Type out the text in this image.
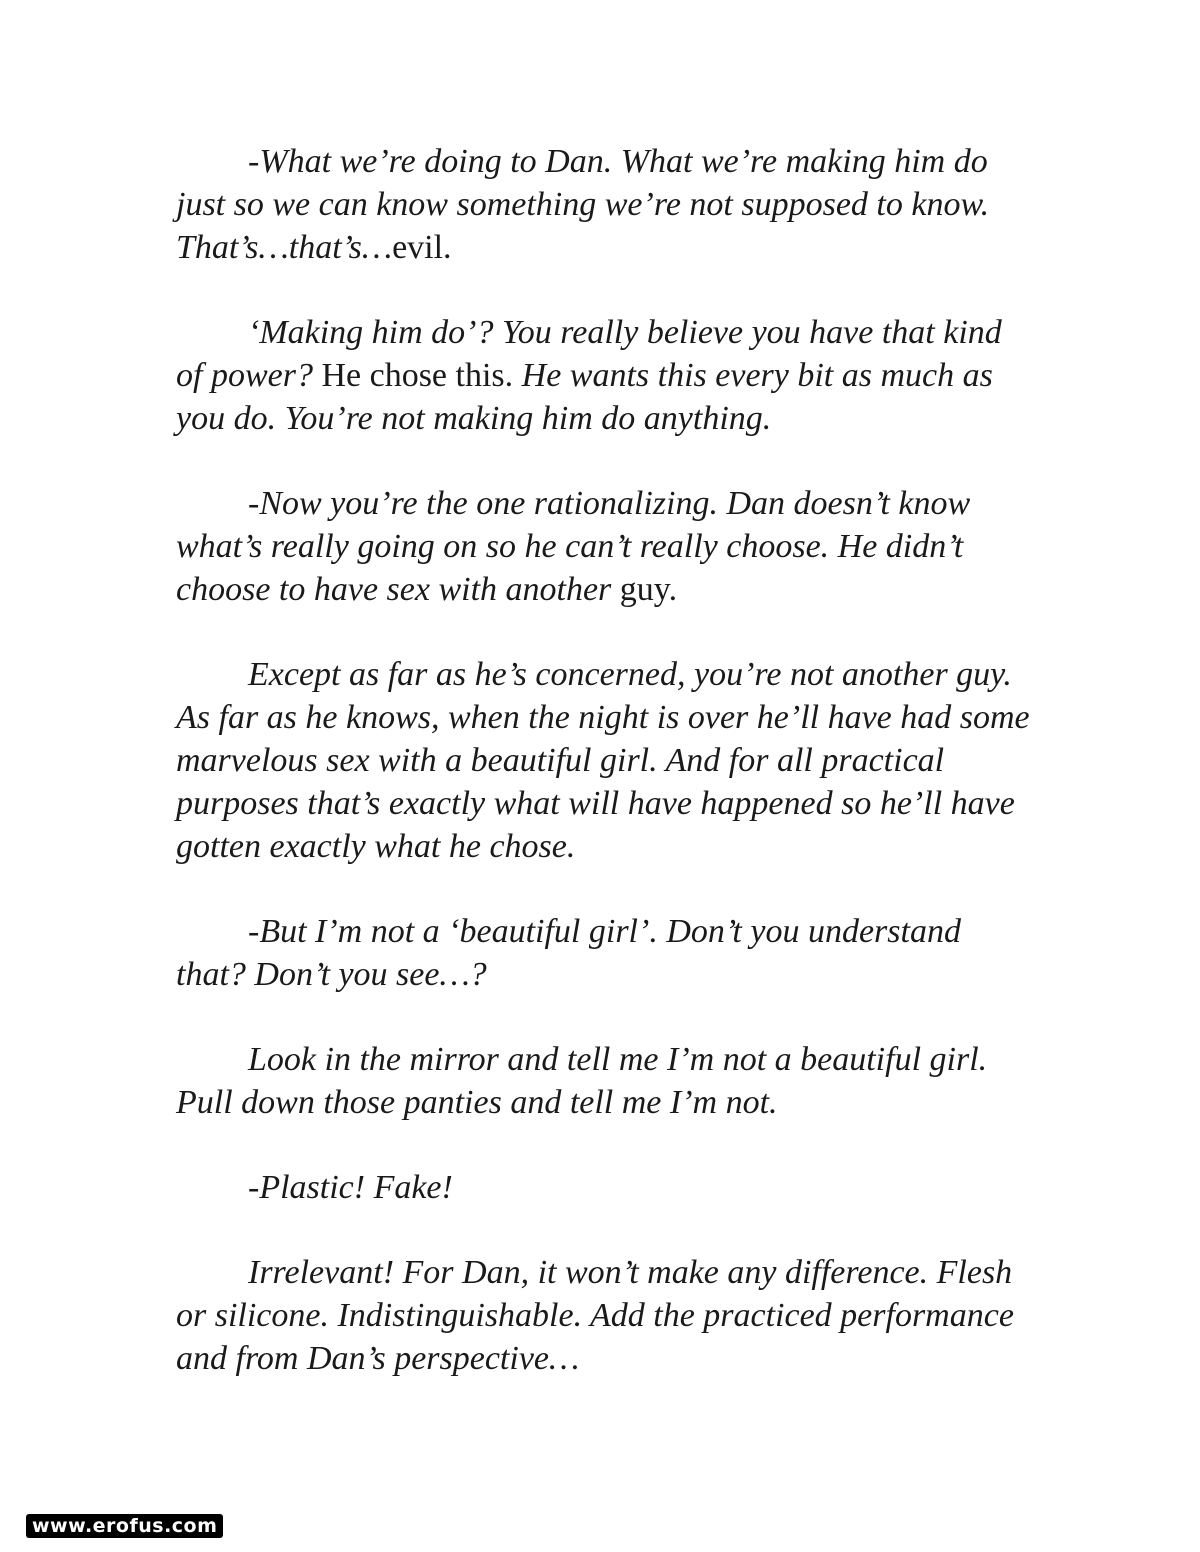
-What we’re doing to Dan. What we’re making him do just so we can know something we’re not supposed to know. That’s…that’s…evil.

‘Making him do’? You really believe you have that kind of power? He chose this. He wants this every bit as much as you do. You’re not making him do anything.

-Now you’re the one rationalizing. Dan doesn’t know what’s really going on so he can’t really choose. He didn’t choose to have sex with another guy.

Except as far as he’s concerned, you’re not another guy. As far as he knows, when the night is over he’ll have had some marvelous sex with a beautiful girl. And for all practical purposes that’s exactly what will have happened so he’ll have gotten exactly what he chose.

-But I’m not a ‘beautiful girl’. Don’t you understand that? Don’t you see…?

Look in the mirror and tell me I’m not a beautiful girl. Pull down those panties and tell me I’m not.

-Plastic! Fake!

Irrelevant! For Dan, it won’t make any difference. Flesh or silicone. Indistinguishable. Add the practiced performance and from Dan’s perspective…

www.erofus.com
